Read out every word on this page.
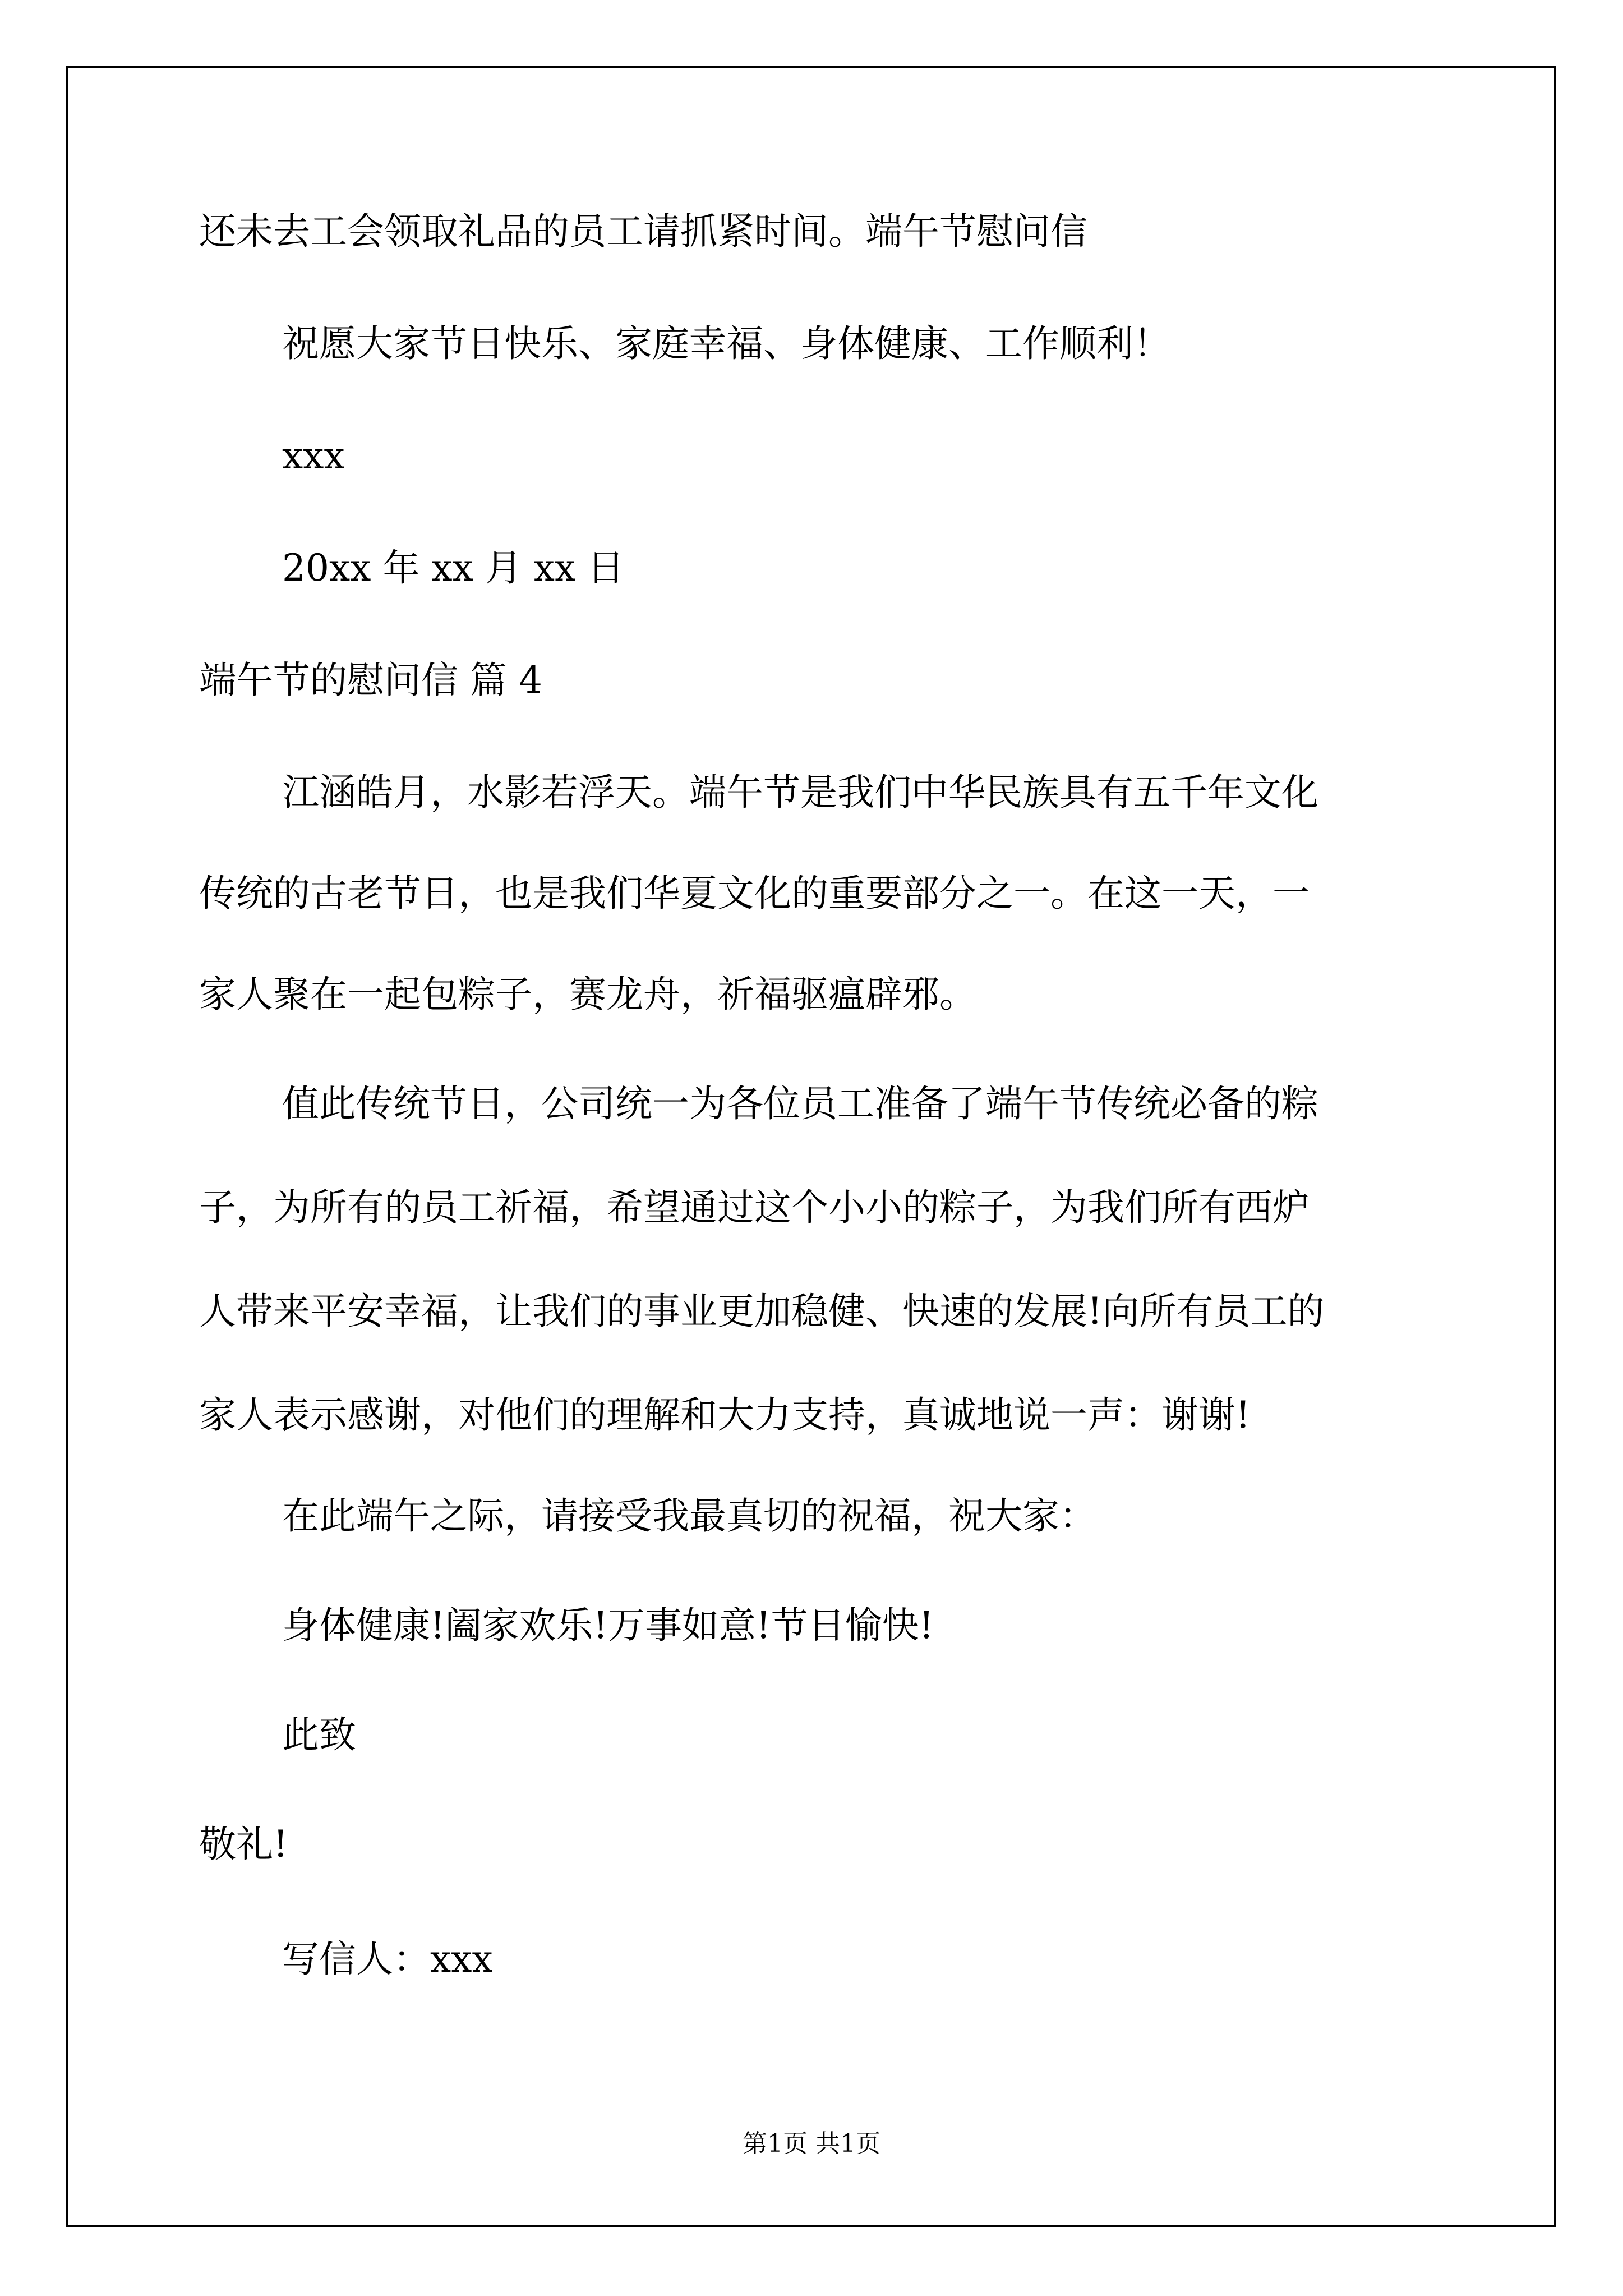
还未去工会领取礼品的员工请抓紧时间。端午节慰问信
祝愿大家节日快乐、家庭幸福、身体健康、工作顺利！
xxx
20xx 年 xx 月 xx 日
端午节的慰问信 篇 4
江涵皓月，水影若浮天。端午节是我们中华民族具有五千年文化
传统的古老节日，也是我们华夏文化的重要部分之一。在这一天，一
家人聚在一起包粽子，赛龙舟，祈福驱瘟辟邪。
值此传统节日，公司统一为各位员工准备了端午节传统必备的粽
子，为所有的员工祈福，希望通过这个小小的粽子，为我们所有西炉
人带来平安幸福，让我们的事业更加稳健、快速的发展!向所有员工的
家人表示感谢，对他们的理解和大力支持，真诚地说一声：谢谢!
在此端午之际，请接受我最真切的祝福，祝大家：
身体健康!阖家欢乐!万事如意!节日愉快!
此致
敬礼!
写信人：xxx
第1页 共1页
